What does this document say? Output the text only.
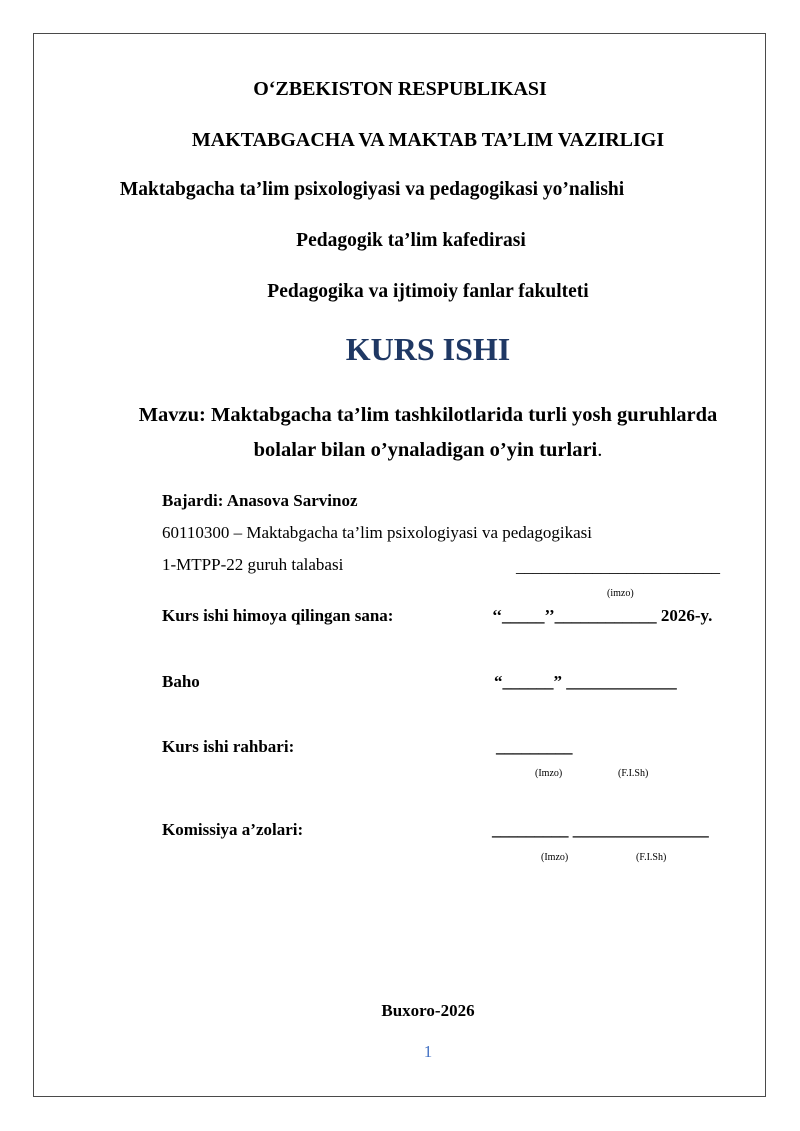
O‘ZBEKISTON RESPUBLIKASI
MAKTABGACHA VA MAKTAB TA’LIM VAZIRLIGI
Maktabgacha ta’lim psixologiyasi va pedagogikasi yo’nalishi
Pedagogik ta’lim kafedirasi
Pedagogika va ijtimoiy fanlar fakulteti
KURS ISHI
Mavzu: Maktabgacha ta’lim tashkilotlarida turli yosh guruhlarda
bolalar bilan o’ynaladigan o’yin turlari.
Bajardi: Anasova Sarvinoz
60110300 – Maktabgacha ta’lim psixologiyasi va pedagogikasi
1-MTPP-22 guruh talabasi	________________________
(imzo)
Kurs ishi himoya qilingan sana:	‘‘_____’’____________ 2026-y.
Baho	“______” _____________
Kurs ishi rahbari:	_________
(Imzo)	(F.I.Sh)
Komissiya a’zolari:	_________ ________________
(Imzo)	(F.I.Sh)
Buxoro-2026
1
